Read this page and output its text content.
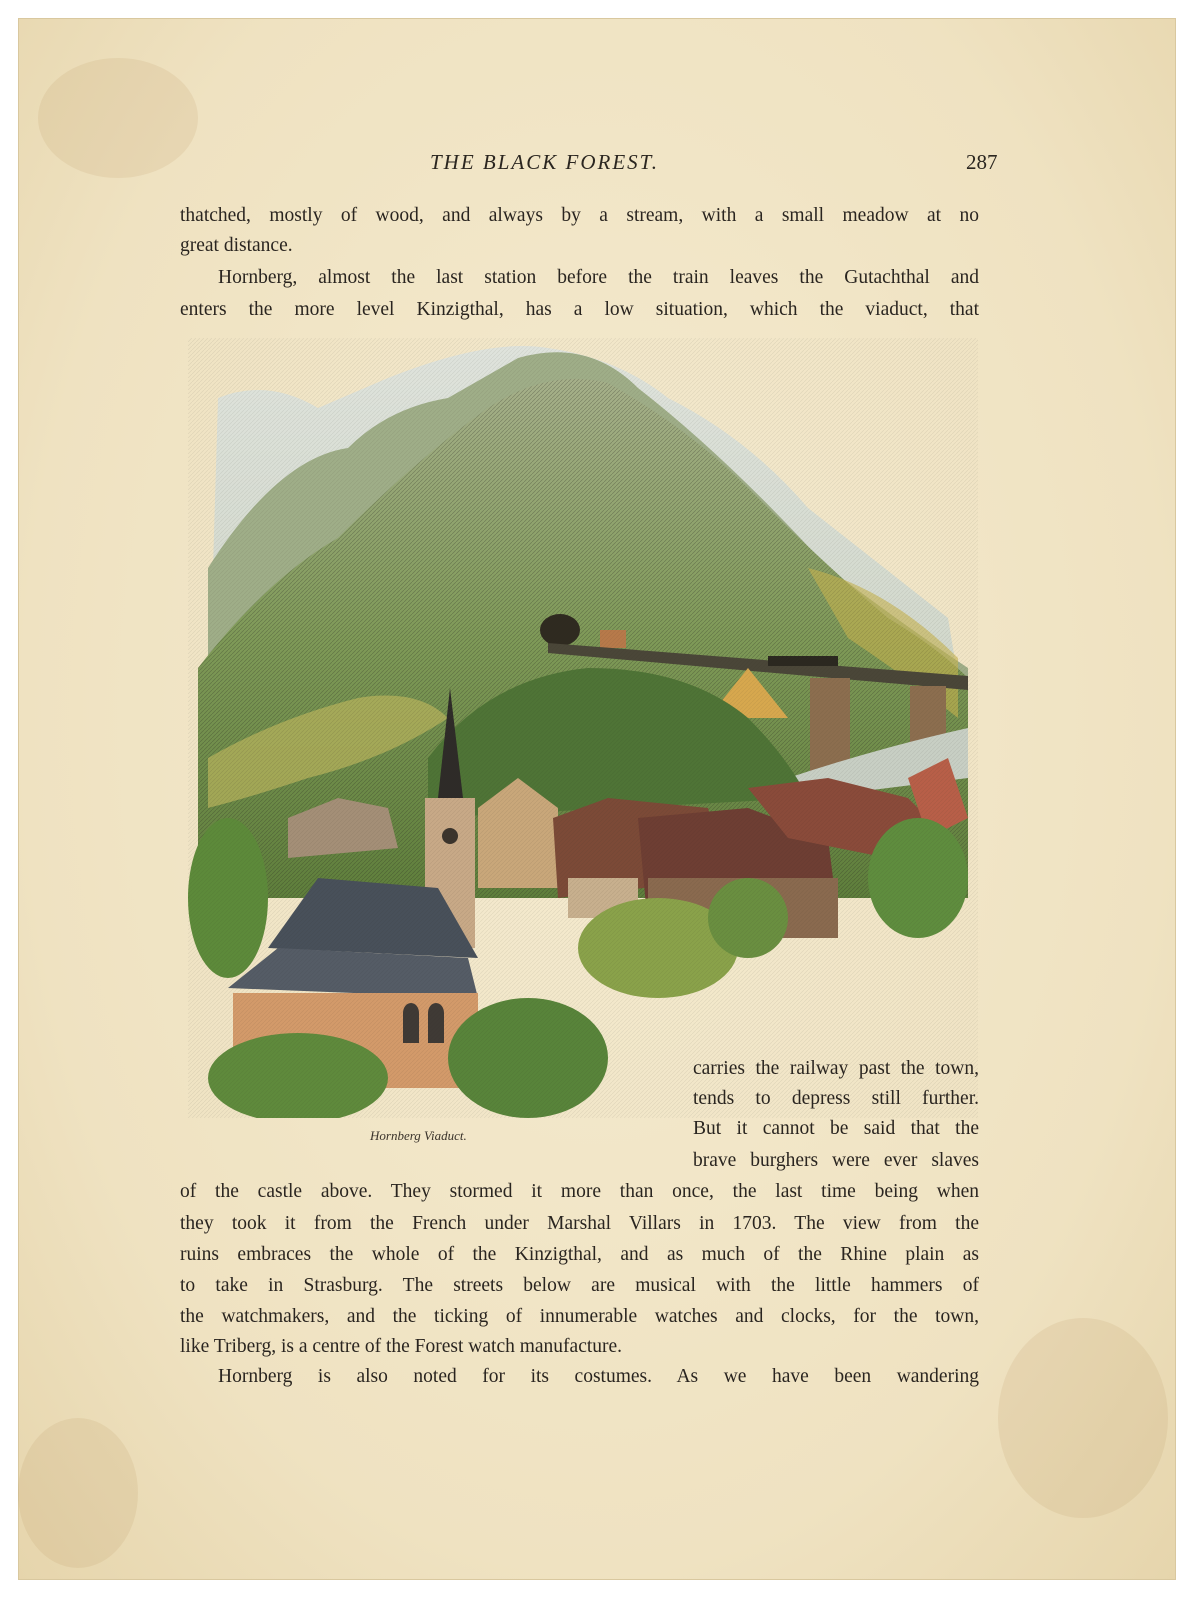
THE BLACK FOREST.	287
thatched, mostly of wood, and always by a stream, with a small meadow at no
great distance.
Hornberg, almost the last station before the train leaves the Gutachthal and
enters the more level Kinzigthal, has a low situation, which the viaduct, that
Hornberg Viaduct.
carries the railway past the town,
tends to depress still further.
But it cannot be said that the
brave burghers were ever slaves
of the castle above. They stormed it more than once, the last time being when
they took it from the French under Marshal Villars in 1703. The view from the
ruins embraces the whole of the Kinzigthal, and as much of the Rhine plain as
to take in Strasburg. The streets below are musical with the little hammers of
the watchmakers, and the ticking of innumerable watches and clocks, for the town,
like Triberg, is a centre of the Forest watch manufacture.
Hornberg is also noted for its costumes. As we have been wandering
